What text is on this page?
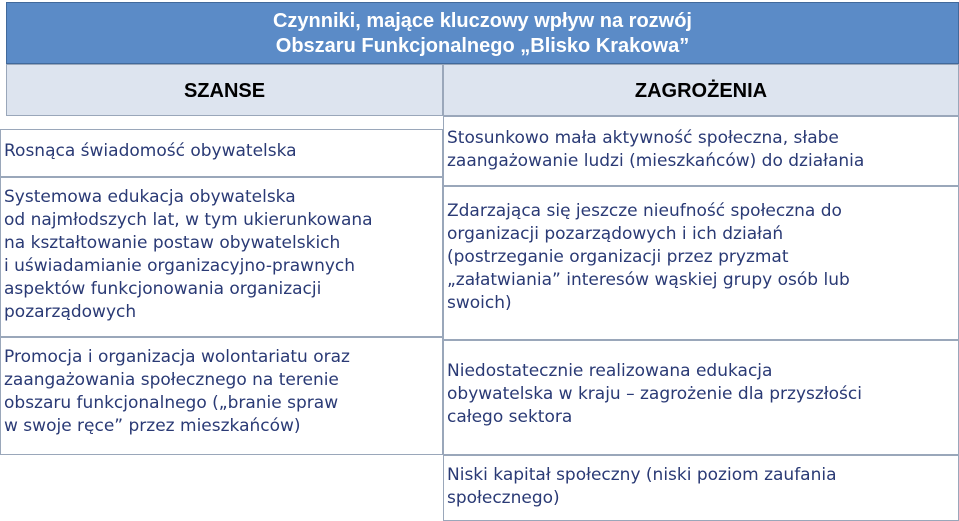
Czynniki, mające kluczowy wpływ na rozwój
Obszaru Funkcjonalnego „Blisko Krakowa”
SZANSE	ZAGROŻENIA
Rosnąca świadomość obywatelska
Systemowa edukacja obywatelska
od najmłodszych lat, w tym ukierunkowana
na kształtowanie postaw obywatelskich
i uświadamianie organizacyjno-prawnych
aspektów funkcjonowania organizacji
pozarządowych
Promocja i organizacja wolontariatu oraz
zaangażowania społecznego na terenie
obszaru funkcjonalnego („branie spraw
w swoje ręce” przez mieszkańców)
Stosunkowo mała aktywność społeczna, słabe
zaangażowanie ludzi (mieszkańców) do działania
Zdarzająca się jeszcze nieufność społeczna do
organizacji pozarządowych i ich działań
(postrzeganie organizacji przez pryzmat
„załatwiania” interesów wąskiej grupy osób lub
swoich)
Niedostatecznie realizowana edukacja
obywatelska w kraju – zagrożenie dla przyszłości
całego sektora
Niski kapitał społeczny (niski poziom zaufania
społecznego)
